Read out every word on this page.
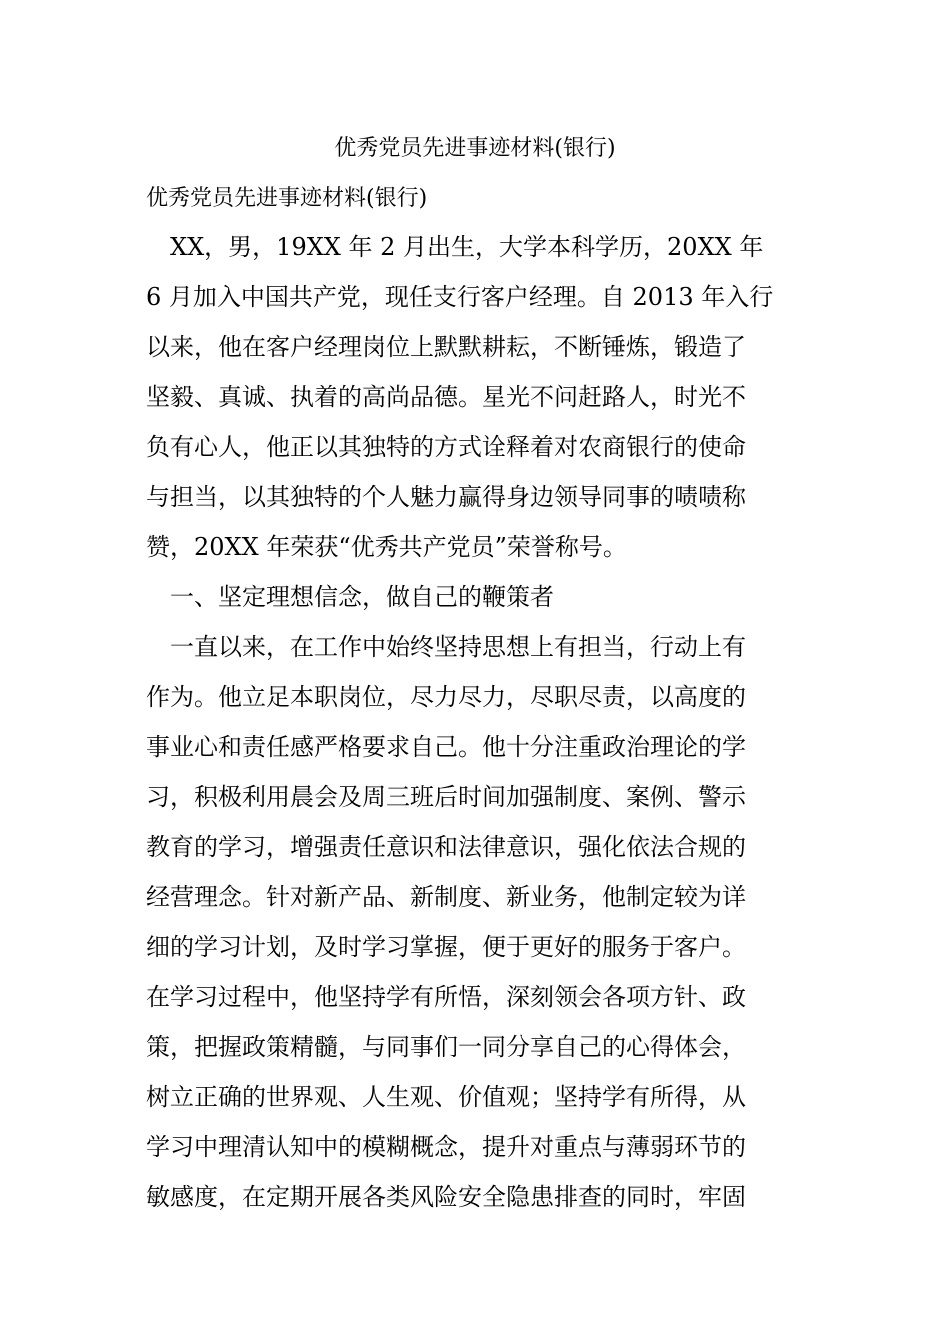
优秀党员先进事迹材料(银行)
优秀党员先进事迹材料(银行)
　XX，男，19XX 年 2 月出生，大学本科学历，20XX 年
6 月加入中国共产党，现任支行客户经理。自 2013 年入行
以来，他在客户经理岗位上默默耕耘，不断锤炼，锻造了
坚毅、真诚、执着的高尚品德。星光不问赶路人，时光不
负有心人，他正以其独特的方式诠释着对农商银行的使命
与担当，以其独特的个人魅力赢得身边领导同事的啧啧称
赞，20XX 年荣获“优秀共产党员”荣誉称号。
　一、坚定理想信念，做自己的鞭策者
　一直以来，在工作中始终坚持思想上有担当，行动上有
作为。他立足本职岗位，尽力尽力，尽职尽责，以高度的
事业心和责任感严格要求自己。他十分注重政治理论的学
习，积极利用晨会及周三班后时间加强制度、案例、警示
教育的学习，增强责任意识和法律意识，强化依法合规的
经营理念。针对新产品、新制度、新业务，他制定较为详
细的学习计划，及时学习掌握，便于更好的服务于客户。
在学习过程中，他坚持学有所悟，深刻领会各项方针、政
策，把握政策精髓，与同事们一同分享自己的心得体会，
树立正确的世界观、人生观、价值观；坚持学有所得，从
学习中理清认知中的模糊概念，提升对重点与薄弱环节的
敏感度，在定期开展各类风险安全隐患排查的同时，牢固
